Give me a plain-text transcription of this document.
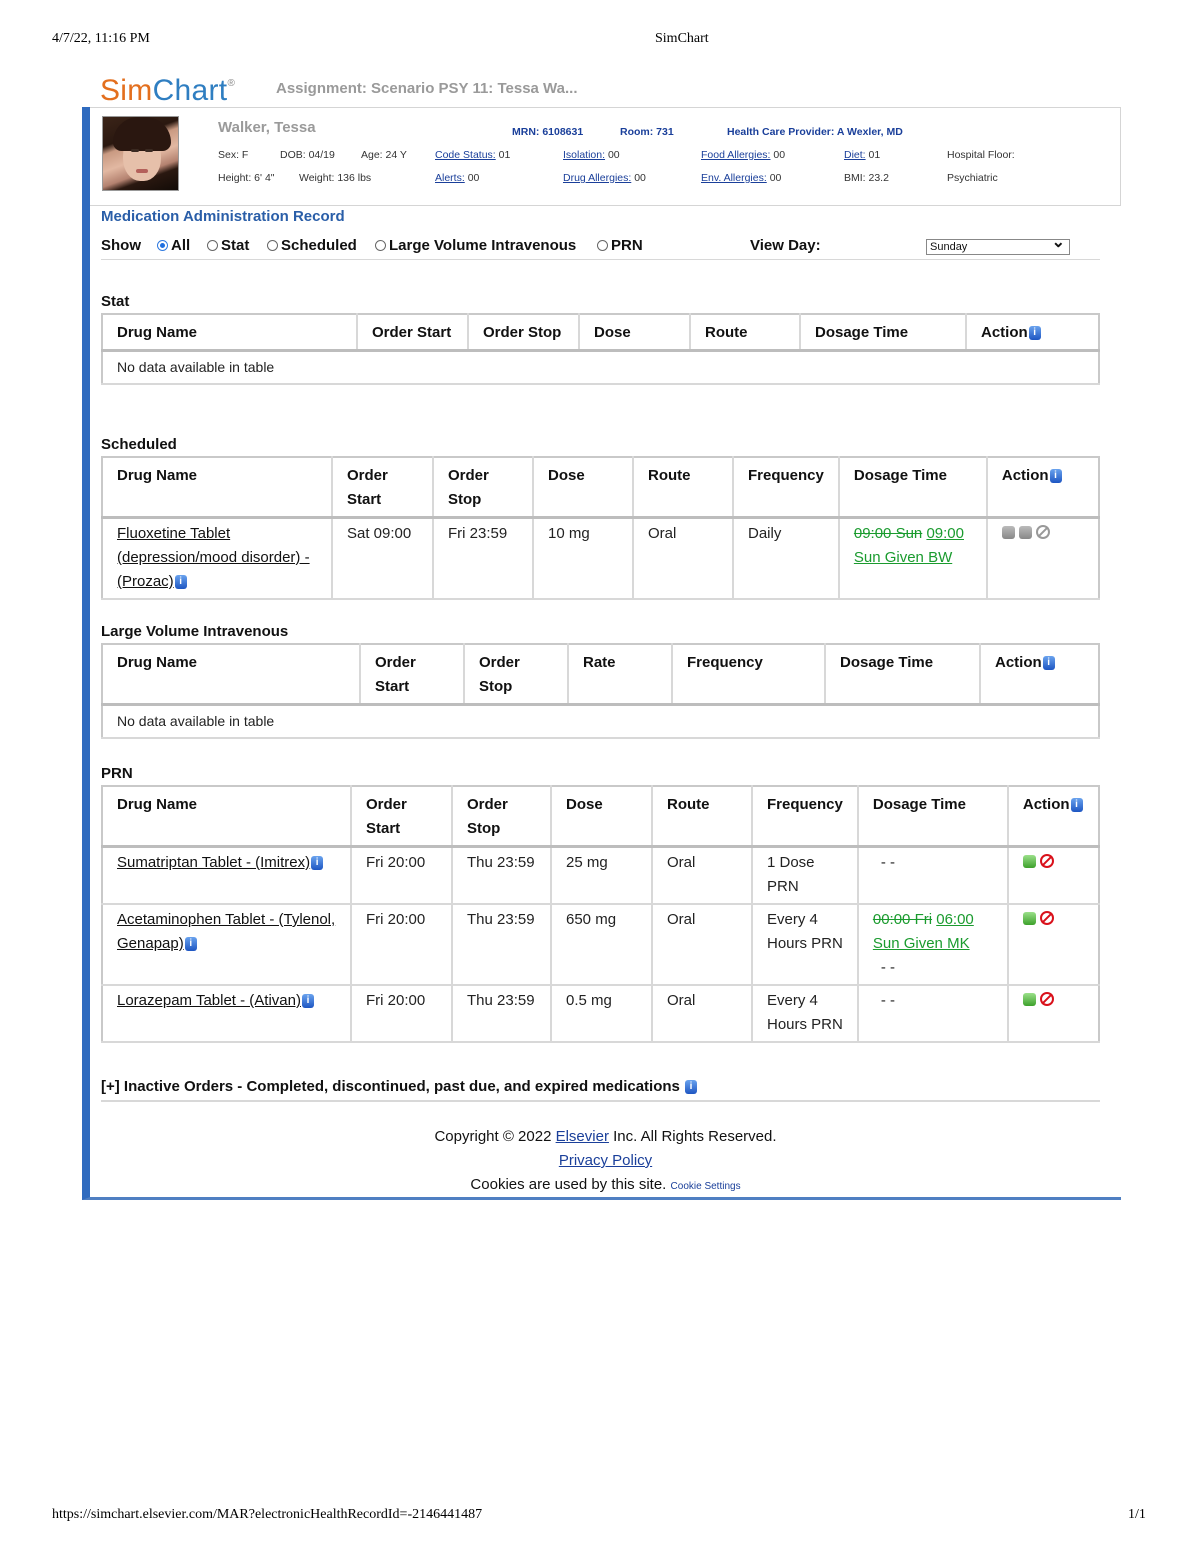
4/7/22, 11:16 PM	SimChart
SimChart®	Assignment: Scenario PSY 11: Tessa Wa...
Walker, Tessa
Sex: F	DOB: 04/19 Age: 24 Y
Height: 6' 4" Weight: 136 lbs
MRN: 6108631	Room: 731	Health Care Provider: A Wexler, MD
Code Status: 01
Alerts: 00
Isolation: 00
Drug Allergies: 00
Food Allergies: 00
Env. Allergies: 00
Diet: 01
BMI: 23.2
Hospital Floor:
Psychiatric
Medication Administration Record
Show All Stat Scheduled Large Volume Intravenous PRN	View Day:	Sunday	⌄
Stat
Drug Name	Order Start	Order Stop	Dose	Route	Dosage Time	Action i
No data available in table
Scheduled
Drug Name	Order Start	Order Stop	Dose	Route	Frequency	Dosage Time	Action i
Fluoxetine Tablet (depression/mood disorder) - (Prozac) i	Sat 09:00	Fri 23:59	10 mg	Oral	Daily	09:00 Sun 09:00
Sun Given BW	
Large Volume Intravenous
Drug Name	Order Start	Order Stop	Rate	Frequency	Dosage Time	Action i
No data available in table
PRN
Drug Name	Order Start	Order Stop	Dose	Route	Frequency	Dosage Time	Action i
Sumatriptan Tablet - (Imitrex) i	Fri 20:00	Thu 23:59	25 mg	Oral	1 Dose PRN	- -	
Acetaminophen Tablet - (Tylenol, Genapap) i	Fri 20:00	Thu 23:59	650 mg	Oral	Every 4 Hours PRN	00:00 Fri 06:00
Sun Given MK
- -	
Lorazepam Tablet - (Ativan) i	Fri 20:00	Thu 23:59	0.5 mg	Oral	Every 4 Hours PRN	- -	
[+] Inactive Orders - Completed, discontinued, past due, and expired medications i
Copyright © 2022 Elsevier Inc. All Rights Reserved.
Privacy Policy
Cookies are used by this site. Cookie Settings
https://simchart.elsevier.com/MAR?electronicHealthRecordId=-2146441487	1/1
